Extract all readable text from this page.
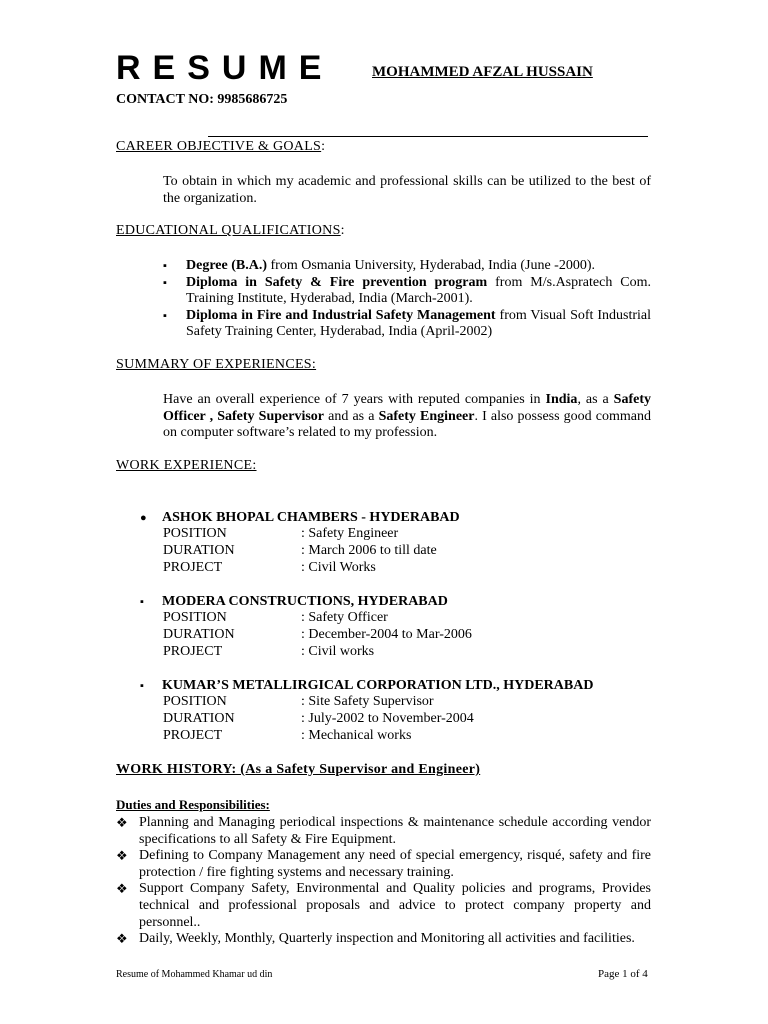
RESUME	MOHAMMED AFZAL HUSSAIN
CONTACT NO: 9985686725
CAREER OBJECTIVE & GOALS:
To obtain in which my academic and professional skills can be utilized to the best of the organization.
EDUCATIONAL QUALIFICATIONS:
▪ Degree (B.A.) from Osmania University, Hyderabad, India (June -2000).
▪ Diploma in Safety & Fire prevention program from M/s.Aspratech Com. Training Institute, Hyderabad, India (March-2001).
▪ Diploma in Fire and Industrial Safety Management from Visual Soft Industrial Safety Training Center, Hyderabad, India (April-2002)
SUMMARY OF EXPERIENCES:
Have an overall experience of 7 years with reputed companies in India, as a Safety Officer , Safety Supervisor and as a Safety Engineer. I also possess good command on computer software’s related to my profession.
WORK EXPERIENCE:
● ASHOK BHOPAL CHAMBERS - HYDERABAD
POSITION	: Safety Engineer
DURATION	: March 2006 to till date
PROJECT	: Civil Works
▪ MODERA CONSTRUCTIONS, HYDERABAD
POSITION	: Safety Officer
DURATION	: December-2004 to Mar-2006
PROJECT	: Civil works
▪ KUMAR’S METALLIRGICAL CORPORATION LTD., HYDERABAD
POSITION	: Site Safety Supervisor
DURATION	: July-2002 to November-2004
PROJECT	: Mechanical works
WORK HISTORY: (As a Safety Supervisor and Engineer)
Duties and Responsibilities:
❖ Planning and Managing periodical inspections & maintenance schedule according vendor specifications to all Safety & Fire Equipment.
❖ Defining to Company Management any need of special emergency, risqué, safety and fire protection / fire fighting systems and necessary training.
❖ Support Company Safety, Environmental and Quality policies and programs, Provides technical and professional proposals and advice to protect company property and personnel..
❖ Daily, Weekly, Monthly, Quarterly inspection and Monitoring all activities and facilities.
Resume of Mohammed Khamar ud din	Page 1 of 4
